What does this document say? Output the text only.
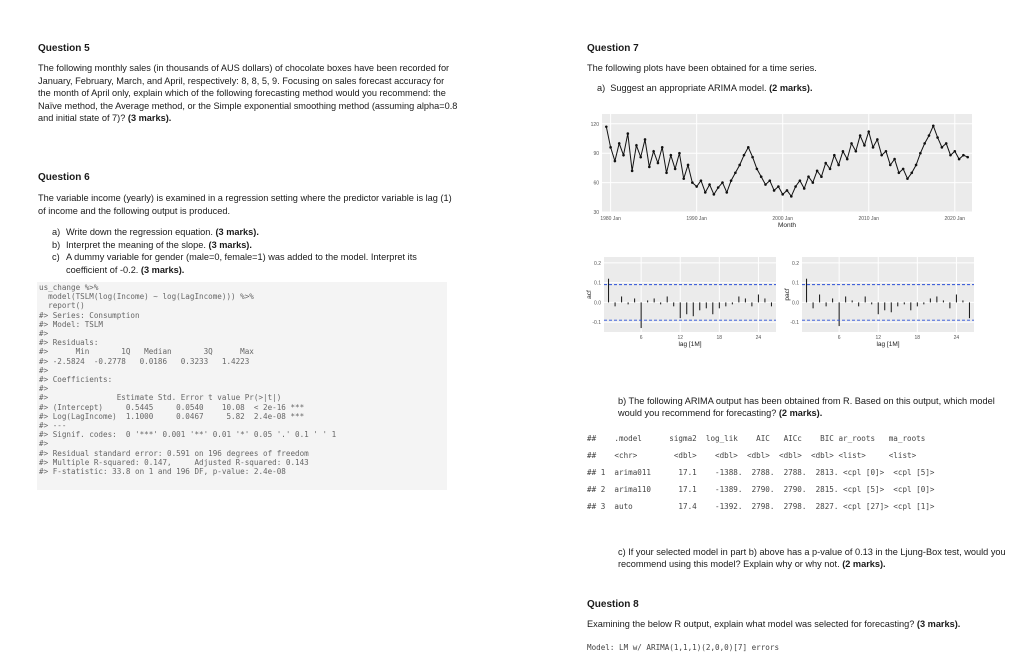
Question 5
The following monthly sales (in thousands of AUS dollars) of chocolate boxes have been recorded for January, February, March, and April, respectively: 8, 8, 5, 9. Focusing on sales forecast accuracy for the month of April only, explain which of the following forecasting method would you recommend: the Naïve method, the Average method, or the Simple exponential smoothing method (assuming alpha=0.8 and initial state of 7)? (3 marks).
Question 6
The variable income (yearly) is examined in a regression setting where the predictor variable is lag (1) of income and the following output is produced.
a) Write down the regression equation. (3 marks).
b) Interpret the meaning of the slope. (3 marks).
c) A dummy variable for gender (male=0, female=1) was added to the model. Interpret its coefficient of -0.2. (3 marks).
us_change %>%
model(TSLM(log(Income) ~ log(LagIncome))) %>%
report()
#> Series: Consumption
#> Model: TSLM
#>
#> Residuals:
#>      Min       1Q   Median       3Q      Max
#> -2.5824  -0.2778   0.0186   0.3233   1.4223
#>
#> Coefficients:
#>
#>               Estimate Std. Error t value Pr(>|t|)
#> (Intercept)     0.5445     0.0540    10.08  < 2e-16 ***
#> Log(LagIncome)  1.1000     0.0467     5.82  2.4e-08 ***
#> ---
#> Signif. codes:  0 '***' 0.001 '**' 0.01 '*' 0.05 '.' 0.1 ' ' 1
#>
#> Residual standard error: 0.591 on 196 degrees of freedom
#> Multiple R-squared: 0.147,     Adjusted R-squared: 0.143
#> F-statistic: 33.8 on 1 and 196 DF, p-value: 2.4e-08
Question 7
The following plots have been obtained for a time series.
a) Suggest an appropriate ARIMA model. (2 marks).
30
60
90
120
1980 Jan	1990 Jan	2000 Jan	2010 Jan	2020 Jan
Month
-0.1
0.0
0.1
0.2
6	12	18	24
lag [1M]
acf
-0.1
0.0
0.1
0.2
6	12	18	24
lag [1M]
pacf
b) The following ARIMA output has been obtained from R. Based on this output, which model would you recommend for forecasting? (2 marks).
##    .model      sigma2  log_lik    AIC   AICc    BIC ar_roots   ma_roots
##    <chr>        <dbl>    <dbl>  <dbl>  <dbl>  <dbl> <list>     <list>
## 1  arima011      17.1    -1388.  2788.  2788.  2813. <cpl [0]>  <cpl [5]>
## 2  arima110      17.1    -1389.  2790.  2790.  2815. <cpl [5]>  <cpl [0]>
## 3  auto          17.4    -1392.  2798.  2798.  2827. <cpl [27]> <cpl [1]>
c) If your selected model in part b) above has a p-value of 0.13 in the Ljung-Box test, would you recommend using this model? Explain why or why not. (2 marks).
Question 8
Examining the below R output, explain what model was selected for forecasting? (3 marks).
Model: LM w/ ARIMA(1,1,1)(2,0,0)[7] errors
